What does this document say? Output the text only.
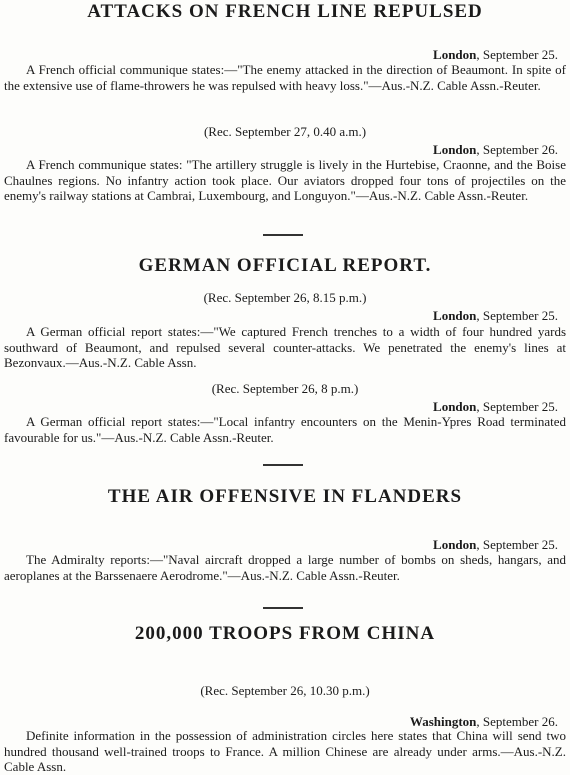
ATTACKS ON FRENCH LINE REPULSED
London, September 25.

A French official communique states:—"The enemy attacked in the direction of Beaumont. In spite of the extensive use of flame-throwers he was repulsed with heavy loss."—Aus.-N.Z. Cable Assn.-Reuter.

(Rec. September 27, 0.40 a.m.)
London, September 26.

A French communique states: "The artillery struggle is lively in the Hurtebise, Craonne, and the Boise Chaulnes regions. No infantry action took place. Our aviators dropped four tons of projectiles on the enemy's railway stations at Cambrai, Luxembourg, and Longuyon."—Aus.-N.Z. Cable Assn.-Reuter.

GERMAN OFFICIAL REPORT.
(Rec. September 26, 8.15 p.m.)
London, September 25.

A German official report states:—"We captured French trenches to a width of four hundred yards southward of Beaumont, and repulsed several counter-attacks. We penetrated the enemy's lines at Bezonvaux.—Aus.-N.Z. Cable Assn.

(Rec. September 26, 8 p.m.)
London, September 25.

A German official report states:—"Local infantry encounters on the Menin-Ypres Road terminated favourable for us."—Aus.-N.Z. Cable Assn.-Reuter.

THE AIR OFFENSIVE IN FLANDERS
London, September 25.

The Admiralty reports:—"Naval aircraft dropped a large number of bombs on sheds, hangars, and aeroplanes at the Barssenaere Aerodrome."—Aus.-N.Z. Cable Assn.-Reuter.

200,000 TROOPS FROM CHINA
(Rec. September 26, 10.30 p.m.)
Washington, September 26.

Definite information in the possession of administration circles here states that China will send two hundred thousand well-trained troops to France. A million Chinese are already under arms.—Aus.-N.Z. Cable Assn.
